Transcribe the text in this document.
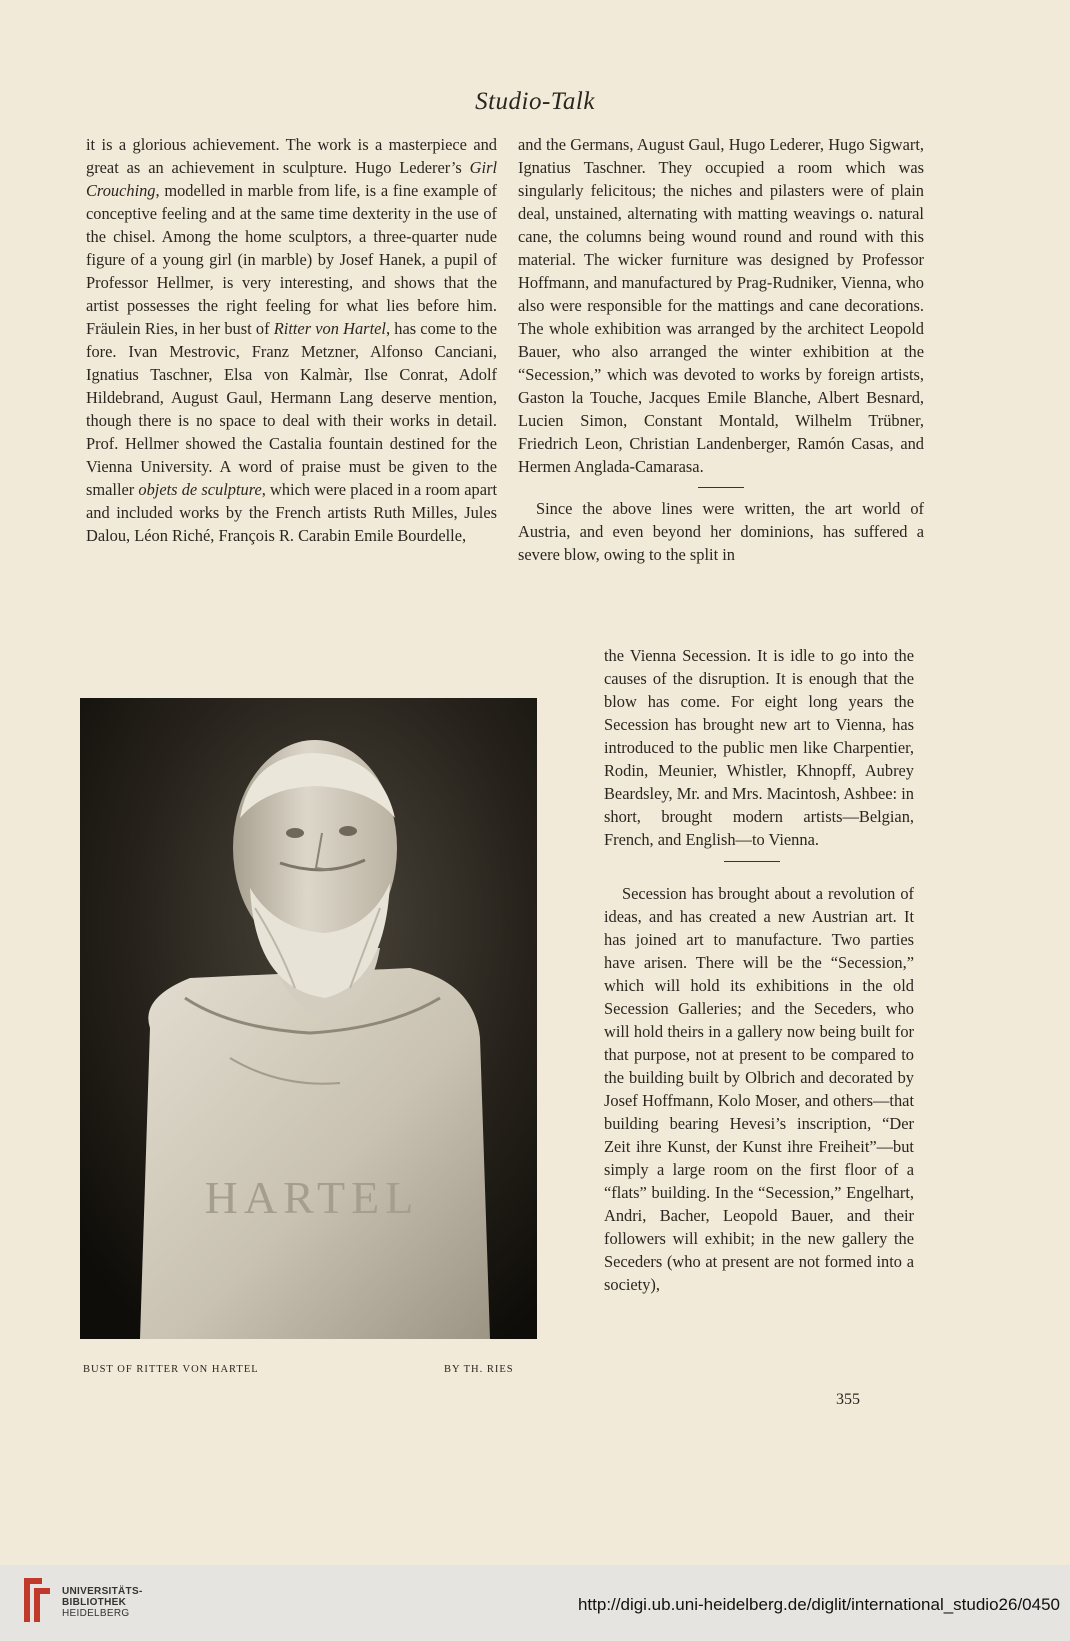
Studio-Talk

it is a glorious achievement. The work is a masterpiece and great as an achievement in sculpture. Hugo Lederer’s Girl Crouching, modelled in marble from life, is a fine example of conceptive feeling and at the same time dexterity in the use of the chisel. Among the home sculptors, a three-quarter nude figure of a young girl (in marble) by Josef Hanek, a pupil of Professor Hellmer, is very interesting, and shows that the artist possesses the right feeling for what lies before him. Fräulein Ries, in her bust of Ritter von Hartel, has come to the fore. Ivan Mestrovic, Franz Metzner, Alfonso Canciani, Ignatius Taschner, Elsa von Kalmàr, Ilse Conrat, Adolf Hildebrand, August Gaul, Hermann Lang deserve mention, though there is no space to deal with their works in detail. Prof. Hellmer showed the Castalia fountain destined for the Vienna University. A word of praise must be given to the smaller objets de sculpture, which were placed in a room apart and included works by the French artists Ruth Milles, Jules Dalou, Léon Riché, François R. Carabin Emile Bourdelle,

and the Germans, August Gaul, Hugo Lederer, Hugo Sigwart, Ignatius Taschner. They occupied a room which was singularly felicitous; the niches and pilasters were of plain deal, unstained, alternating with matting weavings o. natural cane, the columns being wound round and round with this material. The wicker furniture was designed by Professor Hoffmann, and manufactured by Prag-Rudniker, Vienna, who also were responsible for the mattings and cane decorations. The whole exhibition was arranged by the architect Leopold Bauer, who also arranged the winter exhibition at the “Secession,” which was devoted to works by foreign artists, Gaston la Touche, Jacques Emile Blanche, Albert Besnard, Lucien Simon, Constant Montald, Wilhelm Trübner, Friedrich Leon, Christian Landenberger, Ramón Casas, and Hermen Anglada-Camarasa.

Since the above lines were written, the art world of Austria, and even beyond her dominions, has suffered a severe blow, owing to the split in

the Vienna Secession. It is idle to go into the causes of the disruption. It is enough that the blow has come. For eight long years the Secession has brought new art to Vienna, has introduced to the public men like Charpentier, Rodin, Meunier, Whistler, Khnopff, Aubrey Beardsley, Mr. and Mrs. Macintosh, Ashbee: in short, brought modern artists—Belgian, French, and English—to Vienna.

Secession has brought about a revolution of ideas, and has created a new Austrian art. It has joined art to manufacture. Two parties have arisen. There will be the “Secession,” which will hold its exhibitions in the old Secession Galleries; and the Seceders, who will hold theirs in a gallery now being built for that purpose, not at present to be compared to the building built by Olbrich and decorated by Josef Hoffmann, Kolo Moser, and others—that building bearing Hevesi’s inscription, “Der Zeit ihre Kunst, der Kunst ihre Freiheit”—but simply a large room on the first floor of a “flats” building. In the “Secession,” Engelhart, Andri, Bacher, Leopold Bauer, and their followers will exhibit; in the new gallery the Seceders (who at present are not formed into a society),

HARTEL
BUST OF RITTER VON HARTEL	BY TH. RIES
355
UNIVERSITÄTS-
BIBLIOTHEK
HEIDELBERG	http://digi.ub.uni-heidelberg.de/diglit/international_studio26/0450
